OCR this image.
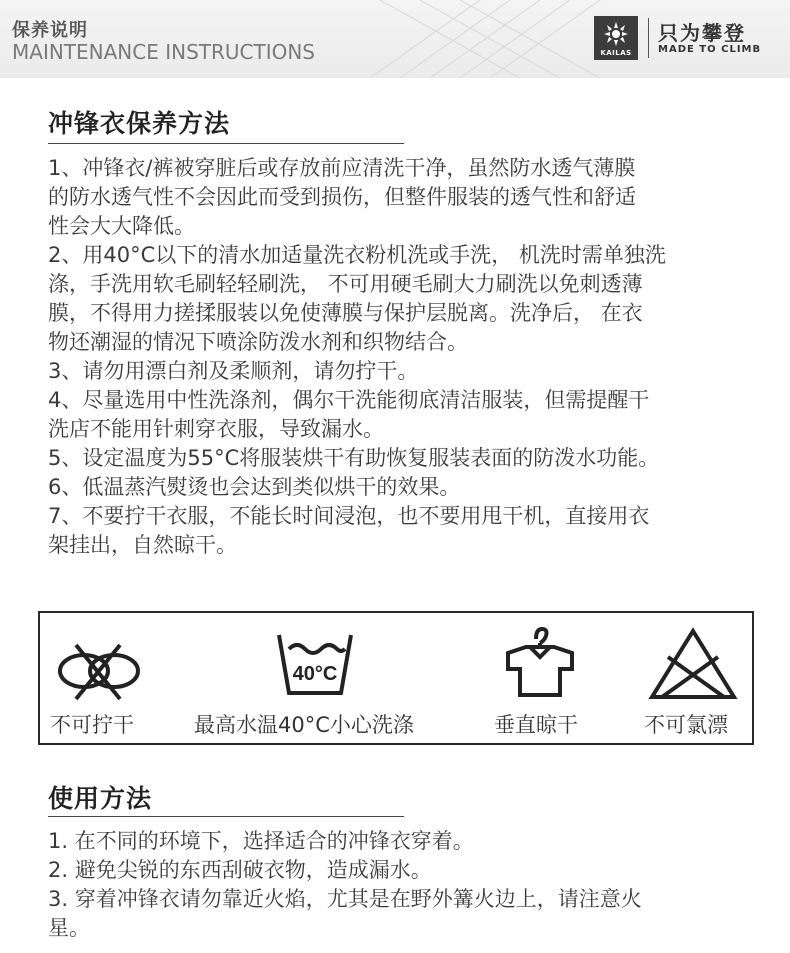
保养说明
MAINTENANCE INSTRUCTIONS	KAILAS
只为攀登
MADE TO CLIMB
冲锋衣保养方法

1、冲锋衣/裤被穿脏后或存放前应清洗干净，虽然防水透气薄膜
的防水透气性不会因此而受到损伤，但整件服装的透气性和舒适
性会大大降低。

2、用40°C以下的清水加适量洗衣粉机洗或手洗， 机洗时需单独洗
涤，手洗用软毛刷轻轻刷洗， 不可用硬毛刷大力刷洗以免刺透薄
膜，不得用力搓揉服装以免使薄膜与保护层脱离。洗净后， 在衣
物还潮湿的情况下喷涂防泼水剂和织物结合。

3、请勿用漂白剂及柔顺剂，请勿拧干。

4、尽量选用中性洗涤剂，偶尔干洗能彻底清洁服装，但需提醒干
洗店不能用针刺穿衣服，导致漏水。

5、设定温度为55°C将服装烘干有助恢复服装表面的防泼水功能。

6、低温蒸汽熨烫也会达到类似烘干的效果。

7、不要拧干衣服，不能长时间浸泡，也不要用甩干机，直接用衣
架挂出，自然晾干。

不可拧干
40°C
最高水温40°C小心洗涤	垂直晾干	不可氯漂
使用方法

1. 在不同的环境下，选择适合的冲锋衣穿着。

2. 避免尖锐的东西刮破衣物，造成漏水。

3. 穿着冲锋衣请勿靠近火焰，尤其是在野外篝火边上，请注意火
星。
